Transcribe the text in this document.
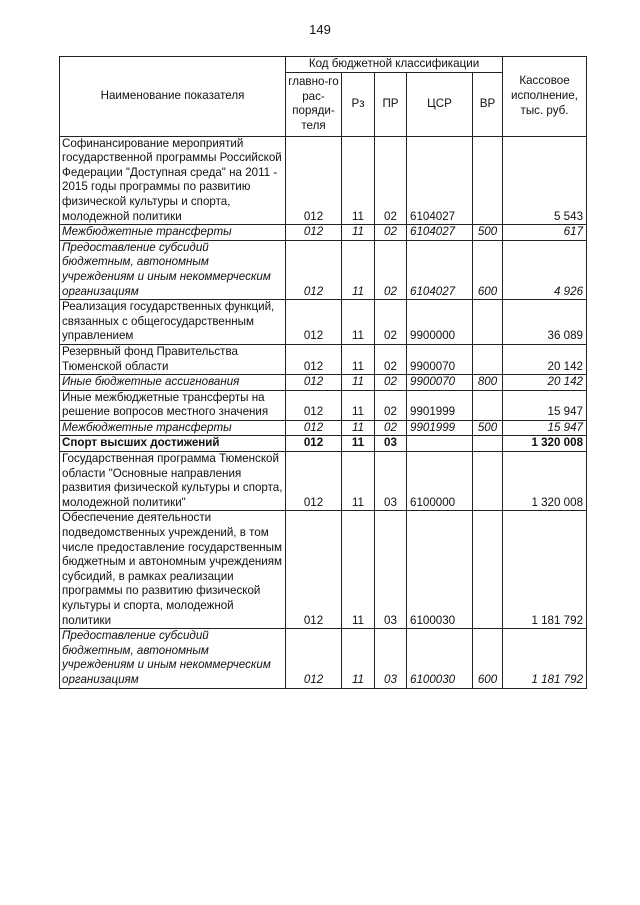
149
Наименование показателя	Код бюджетной классификации					Кассовое исполнение, тыс. руб.
	главно-го рас-поряди-теля	Рз	ПР	ЦСР	ВР	
Софинансирование мероприятий государственной программы Российской Федерации "Доступная среда" на 2011 - 2015 годы программы по развитию физической культуры и спорта, молодежной политики	012	11	02	6104027		5 543
Межбюджетные трансферты	012	11	02	6104027	500	617
Предоставление субсидий бюджетным, автономным учреждениям и иным некоммерческим организациям	012	11	02	6104027	600	4 926
Реализация государственных функций, связанных с общегосударственным управлением	012	11	02	9900000		36 089
Резервный фонд Правительства Тюменской области	012	11	02	9900070		20 142
Иные бюджетные ассигнования	012	11	02	9900070	800	20 142
Иные межбюджетные трансферты на решение вопросов местного значения	012	11	02	9901999		15 947
Межбюджетные трансферты	012	11	02	9901999	500	15 947
Спорт высших достижений	012	11	03			1 320 008
Государственная программа Тюменской области "Основные направления развития физической культуры и спорта, молодежной политики"	012	11	03	6100000		1 320 008
Обеспечение деятельности подведомственных учреждений, в том числе предоставление государственным бюджетным и автономным учреждениям субсидий, в рамках реализации программы по развитию физической культуры и спорта, молодежной политики	012	11	03	6100030		1 181 792
Предоставление субсидий бюджетным, автономным учреждениям и иным некоммерческим организациям	012	11	03	6100030	600	1 181 792
